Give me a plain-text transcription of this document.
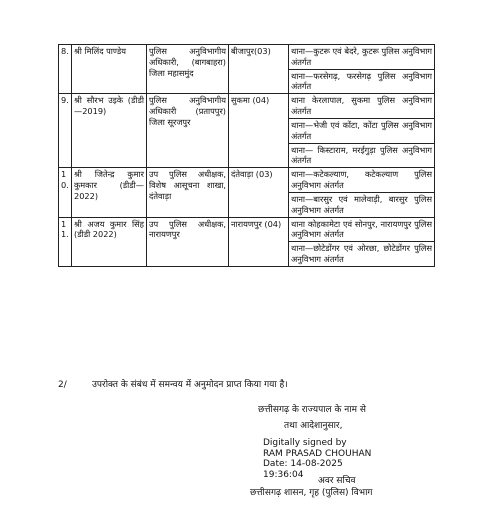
8.	श्री मिलिंद पाण्डेय	पुलिस अनुविभागीय अधिकारी, (बागबाहरा) जिला महासमुंद	बीजापुर(03)	थाना—कुटरू एवं बेदरे, कुटरू पुलिस अनुविभाग अंतर्गत
				थाना—फरसेगढ़, फरसेगढ़ पुलिस अनुविभाग अंतर्गत
9.	श्री सौरभ उइके (डीडी—2019)	पुलिस अनुविभागीय अधिकारी (प्रतापपुर) जिला सूरजपुर	सुकमा (04)	थाना केरलापाल, सुकमा पुलिस अनुविभाग अंतर्गत
				थाना—भेजी एवं कोंटा, कोंटा पुलिस अनुविभाग अंतर्गत
				थाना— किस्टाराम, मरईगुड़ा पुलिस अनुविभाग अंतर्गत
10.	श्री जितेन्द्र कुमार कुमकार (डीडी—2022)	उप पुलिस अधीक्षक, विशेष आसूचना शाखा, दंतेवाड़ा	दंतेवाड़ा (03)	थाना—कटेकल्याण, कटेकल्याण पुलिस अनुविभाग अंतर्गत
				थाना—बारसुर एवं मालेवाड़ी, बारसुर पुलिस अनुविभाग अंतर्गत
11.	श्री अजय कुमार सिंह (डीडी 2022)	उप पुलिस अधीक्षक, नारायणपुर	नारायणपुर (04)	थाना कोहकामेटा एवं सोनपुर, नारायणपुर पुलिस अनुविभाग अंतर्गत
				थाना—छोटेडोंगर एवं ओरछा, छोटेडोंगर पुलिस अनुविभाग अंतर्गत
2/	उपरोक्त के संबंध में समन्वय में अनुमोदन प्राप्त किया गया है।
छत्तीसगढ़ के राज्यपाल के नाम से
तथा आदेशानुसार,
Digitally signed by
RAM PRASAD CHOUHAN
Date: 14-08-2025
19:36:04
अवर सचिव
छत्तीसगढ़ शासन, गृह (पुलिस) विभाग
